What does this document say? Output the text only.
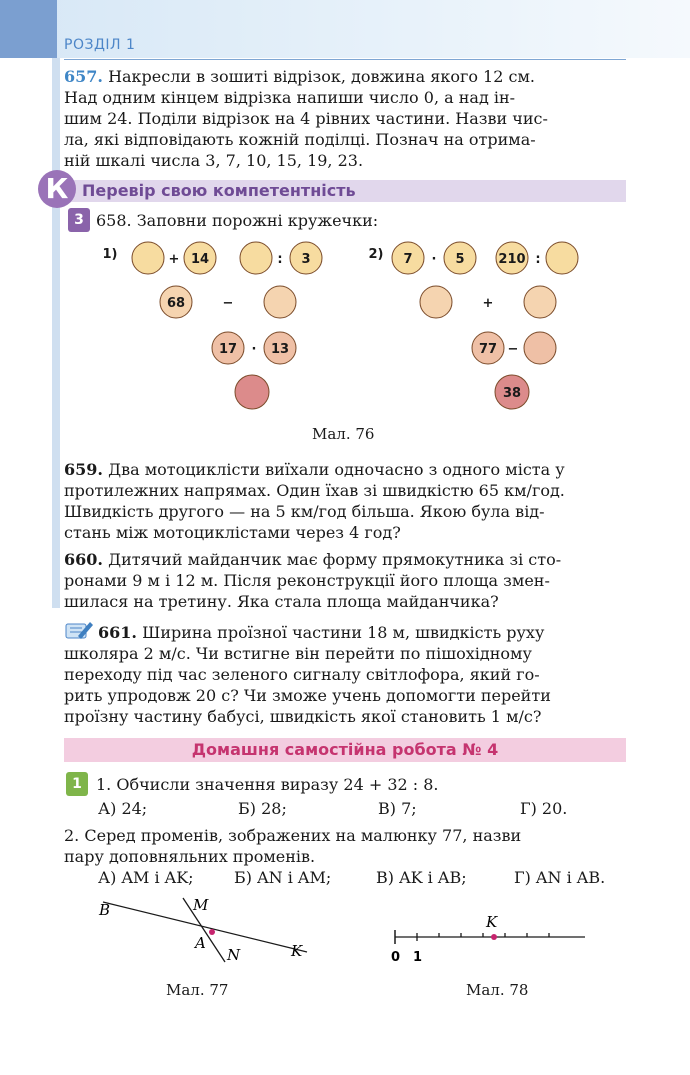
РОЗДІЛ 1
657. Накресли в зошиті відрізок, довжина якого 12 см.
Над одним кінцем відрізка напиши число 0, а над ін-
шим 24. Поділи відрізок на 4 рівних частини. Назви чис-
ла, які відповідають кожній поділці. Познач на отрима-
ній шкалі числа 3, 7, 10, 15, 19, 23.
К Перевір свою компетентність
3 658. Заповни порожні кружечки:
1)	+ 14	: 3
68	−
17 · 13
2) 7 · 5	210 :
+
77 −
38
Мал. 76
659. Два мотоциклісти виїхали одночасно з одного міста у
протилежних напрямах. Один їхав зі швидкістю 65 км/год.
Швидкість другого — на 5 км/год більша. Якою була від-
стань між мотоциклістами через 4 год?
660. Дитячий майданчик має форму прямокутника зі сто-
ронами 9 м і 12 м. Після реконструкції його площа змен-
шилася на третину. Яка стала площа майданчика?
661. Ширина проїзної частини 18 м, швидкість руху
школяра 2 м/с. Чи встигне він перейти по пішохідному
переходу під час зеленого сигналу світлофора, який го-
рить упродовж 20 с? Чи зможе учень допомогти перейти
проїзну частину бабусі, швидкість якої становить 1 м/с?
Домашня самостійна робота № 4
1 1. Обчисли значення виразу 24 + 32 : 8.
А) 24;	Б) 28;	В) 7;	Г) 20.
2. Серед променів, зображених на малюнку 77, назви
пару доповняльних променів.
А) AM і AK;	Б) AN і AM;	В) AK і AB;	Г) AN і AB.
B	M
A
N	K
Мал. 77
K
0 1
Мал. 78
